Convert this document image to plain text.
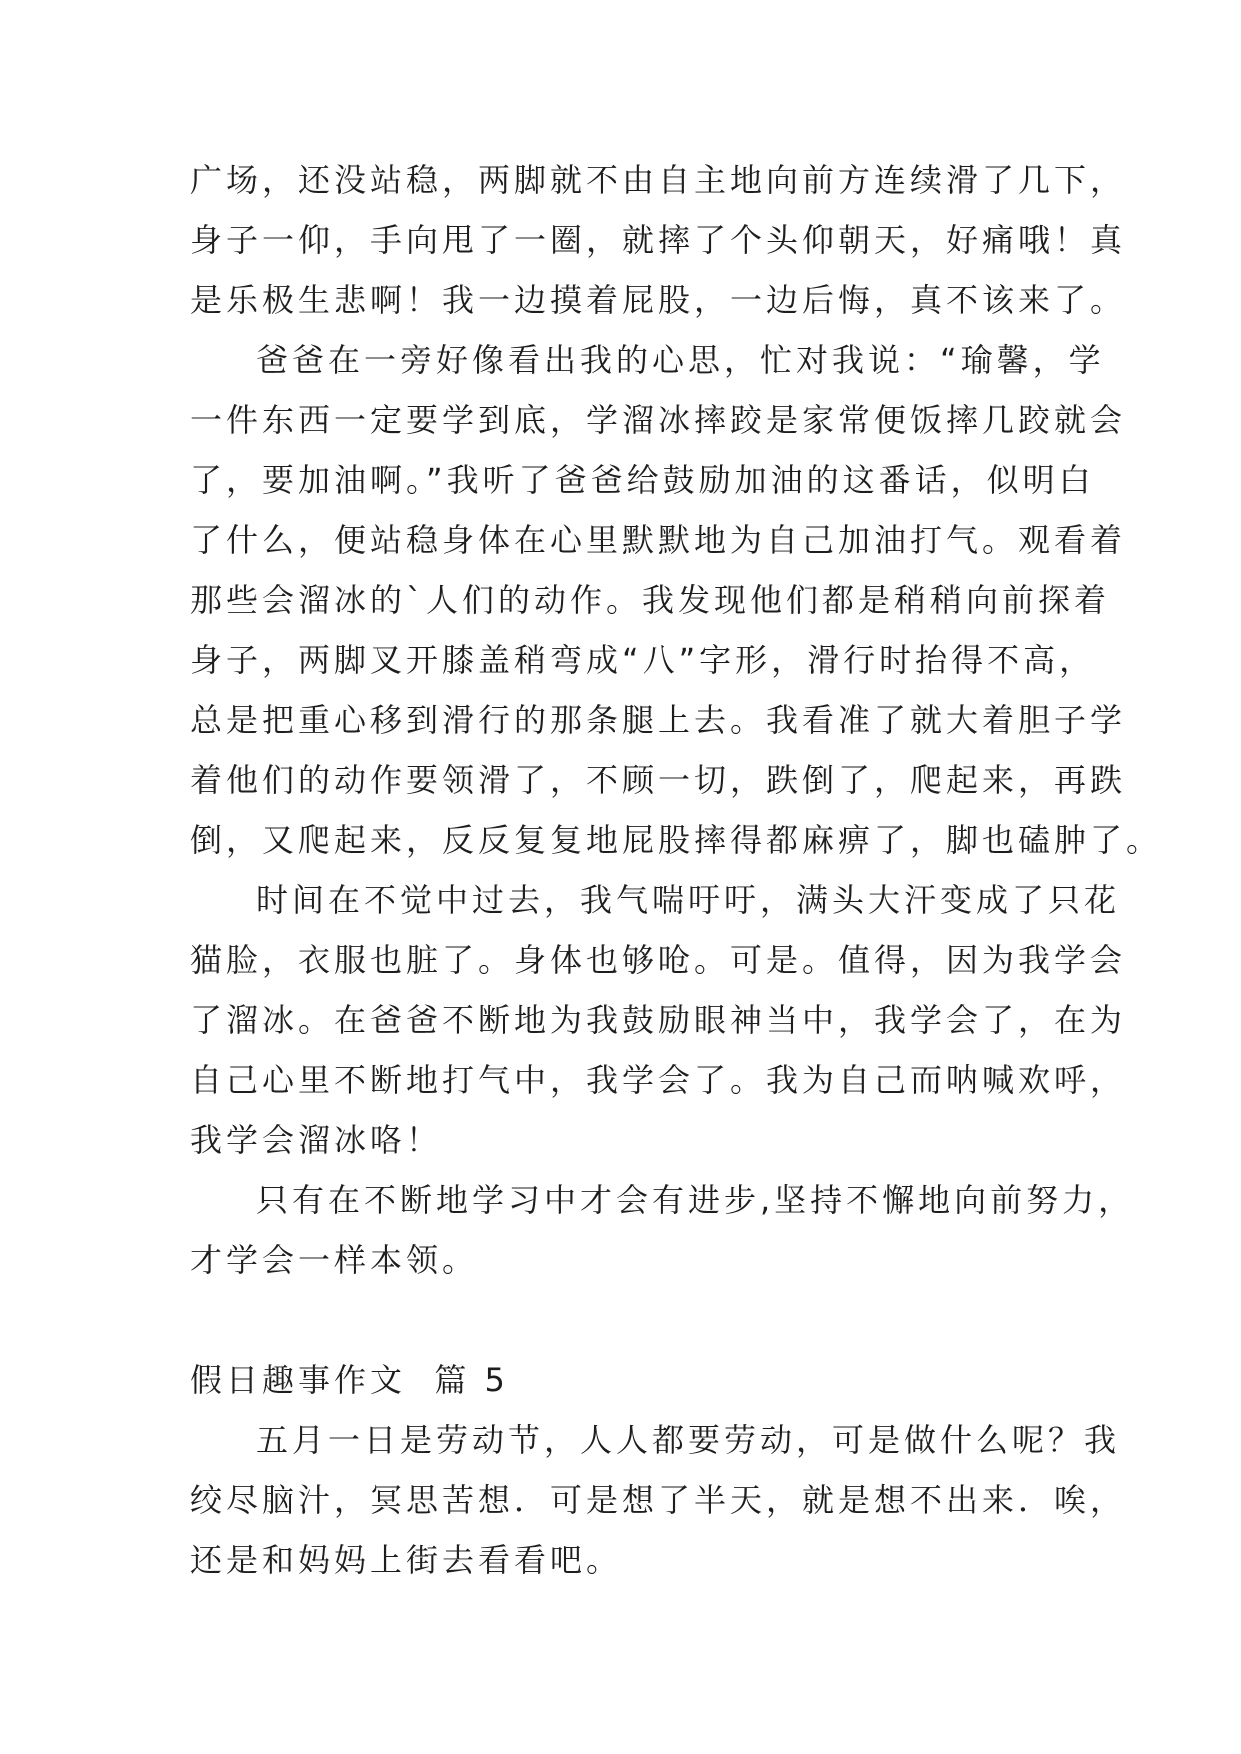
广场，还没站稳，两脚就不由自主地向前方连续滑了几下，
身子一仰，手向甩了一圈，就摔了个头仰朝天，好痛哦！真
是乐极生悲啊！我一边摸着屁股，一边后悔，真不该来了。
爸爸在一旁好像看出我的心思，忙对我说：“瑜馨，学
一件东西一定要学到底，学溜冰摔跤是家常便饭摔几跤就会
了，要加油啊。”我听了爸爸给鼓励加油的这番话，似明白
了什么，便站稳身体在心里默默地为自己加油打气。观看着
那些会溜冰的`人们的动作。我发现他们都是稍稍向前探着
身子，两脚叉开膝盖稍弯成“八”字形，滑行时抬得不高，
总是把重心移到滑行的那条腿上去。我看准了就大着胆子学
着他们的动作要领滑了，不顾一切，跌倒了，爬起来，再跌
倒，又爬起来，反反复复地屁股摔得都麻痹了，脚也磕肿了。
时间在不觉中过去，我气喘吁吁，满头大汗变成了只花
猫脸，衣服也脏了。身体也够呛。可是。值得，因为我学会
了溜冰。在爸爸不断地为我鼓励眼神当中，我学会了，在为
自己心里不断地打气中，我学会了。我为自己而呐喊欢呼，
我学会溜冰咯！
只有在不断地学习中才会有进步,坚持不懈地向前努力，
才学会一样本领。
假日趣事作文  篇 5
五月一日是劳动节，人人都要劳动，可是做什么呢？我
绞尽脑汁，冥思苦想．可是想了半天，就是想不出来．唉，
还是和妈妈上街去看看吧。
